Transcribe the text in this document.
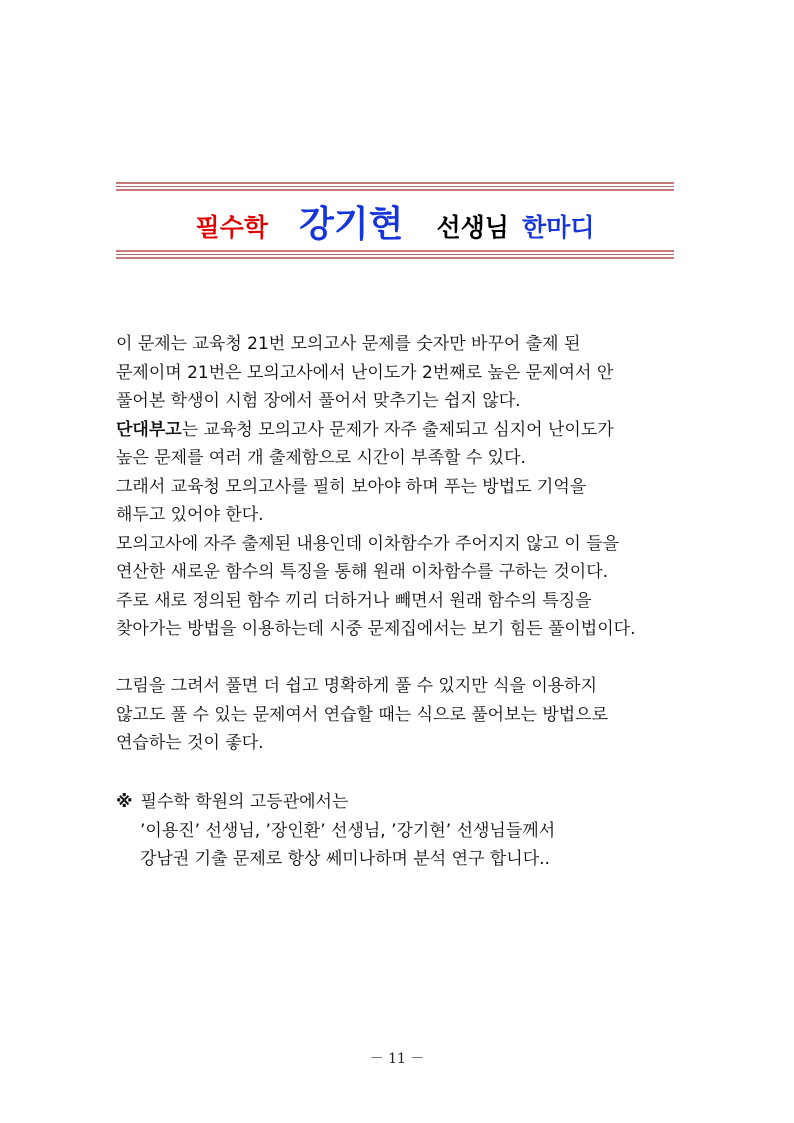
필수학 강기현 선생님 한마디
이 문제는 교육청 21번 모의고사 문제를 숫자만 바꾸어 출제 된
문제이며 21번은 모의고사에서 난이도가 2번째로 높은 문제여서 안
풀어본 학생이 시험 장에서 풀어서 맞추기는 쉽지 않다.
단대부고는 교육청 모의고사 문제가 자주 출제되고 심지어 난이도가
높은 문제를 여러 개 출제함으로 시간이 부족할 수 있다.
그래서 교육청 모의고사를 필히 보아야 하며 푸는 방법도 기억을
해두고 있어야 한다.
모의고사에 자주 출제된 내용인데 이차함수가 주어지지 않고 이 들을
연산한 새로운 함수의 특징을 통해 원래 이차함수를 구하는 것이다.
주로 새로 정의된 함수 끼리 더하거나 빼면서 원래 함수의 특징을
찾아가는 방법을 이용하는데 시중 문제집에서는 보기 힘든 풀이법이다.
그림을 그려서 풀면 더 쉽고 명확하게 풀 수 있지만 식을 이용하지
않고도 풀 수 있는 문제여서 연습할 때는 식으로 풀어보는 방법으로
연습하는 것이 좋다.
※ 필수학 학원의 고등관에서는
’이용진’ 선생님, ’장인환’ 선생님, ’강기현’ 선생님들께서
강남권 기출 문제로 항상 쎄미나하며 분석 연구 합니다..
－ 11 －
